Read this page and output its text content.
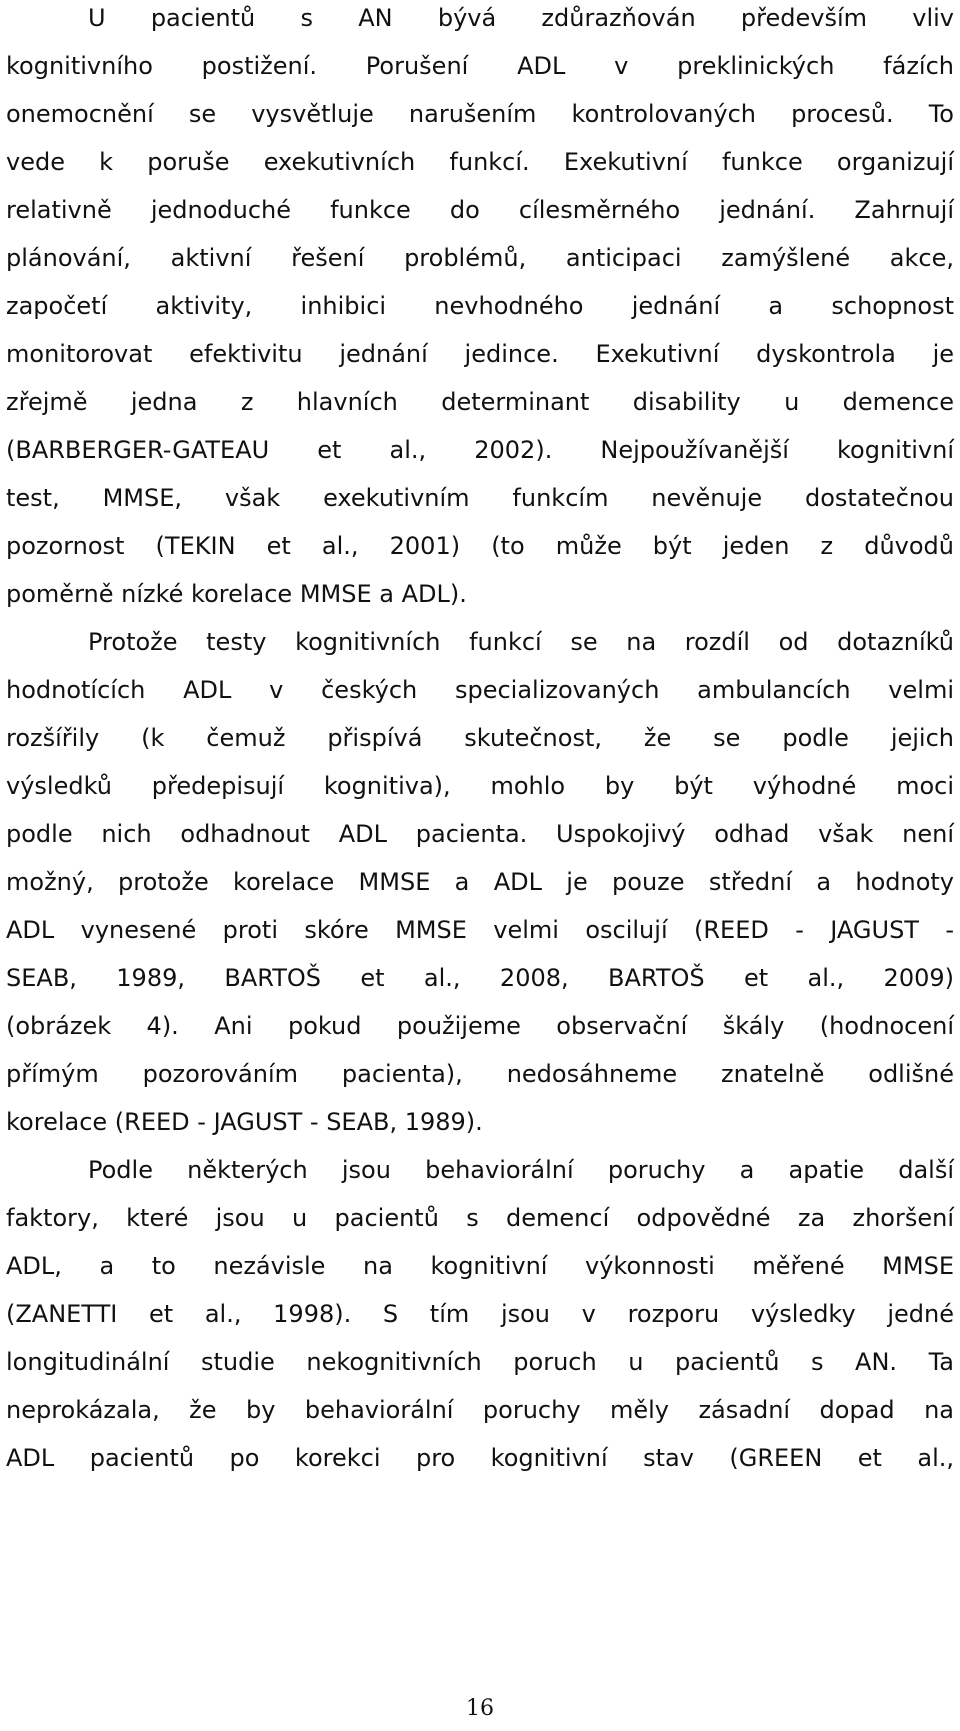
U pacientů s AN bývá zdůrazňován především vliv
kognitivního postižení. Porušení ADL v preklinických fázích
onemocnění se vysvětluje narušením kontrolovaných procesů. To
vede k poruše exekutivních funkcí. Exekutivní funkce organizují
relativně jednoduché funkce do cílesměrného jednání. Zahrnují
plánování, aktivní řešení problémů, anticipaci zamýšlené akce,
započetí aktivity, inhibici nevhodného jednání a schopnost
monitorovat efektivitu jednání jedince. Exekutivní dyskontrola je
zřejmě jedna z hlavních determinant disability u demence
(BARBERGER-GATEAU et al., 2002). Nejpoužívanější kognitivní
test, MMSE, však exekutivním funkcím nevěnuje dostatečnou
pozornost (TEKIN et al., 2001) (to může být jeden z důvodů
poměrně nízké korelace MMSE a ADL).
Protože testy kognitivních funkcí se na rozdíl od dotazníků
hodnotících ADL v českých specializovaných ambulancích velmi
rozšířily (k čemuž přispívá skutečnost, že se podle jejich
výsledků předepisují kognitiva), mohlo by být výhodné moci
podle nich odhadnout ADL pacienta. Uspokojivý odhad však není
možný, protože korelace MMSE a ADL je pouze střední a hodnoty
ADL vynesené proti skóre MMSE velmi oscilují (REED - JAGUST -
SEAB, 1989, BARTOŠ et al., 2008, BARTOŠ et al., 2009)
(obrázek 4). Ani pokud použijeme observační škály (hodnocení
přímým pozorováním pacienta), nedosáhneme znatelně odlišné
korelace (REED - JAGUST - SEAB, 1989).
Podle některých jsou behaviorální poruchy a apatie další
faktory, které jsou u pacientů s demencí odpovědné za zhoršení
ADL, a to nezávisle na kognitivní výkonnosti měřené MMSE
(ZANETTI et al., 1998). S tím jsou v rozporu výsledky jedné
longitudinální studie nekognitivních poruch u pacientů s AN. Ta
neprokázala, že by behaviorální poruchy měly zásadní dopad na
ADL pacientů po korekci pro kognitivní stav (GREEN et al.,
16
